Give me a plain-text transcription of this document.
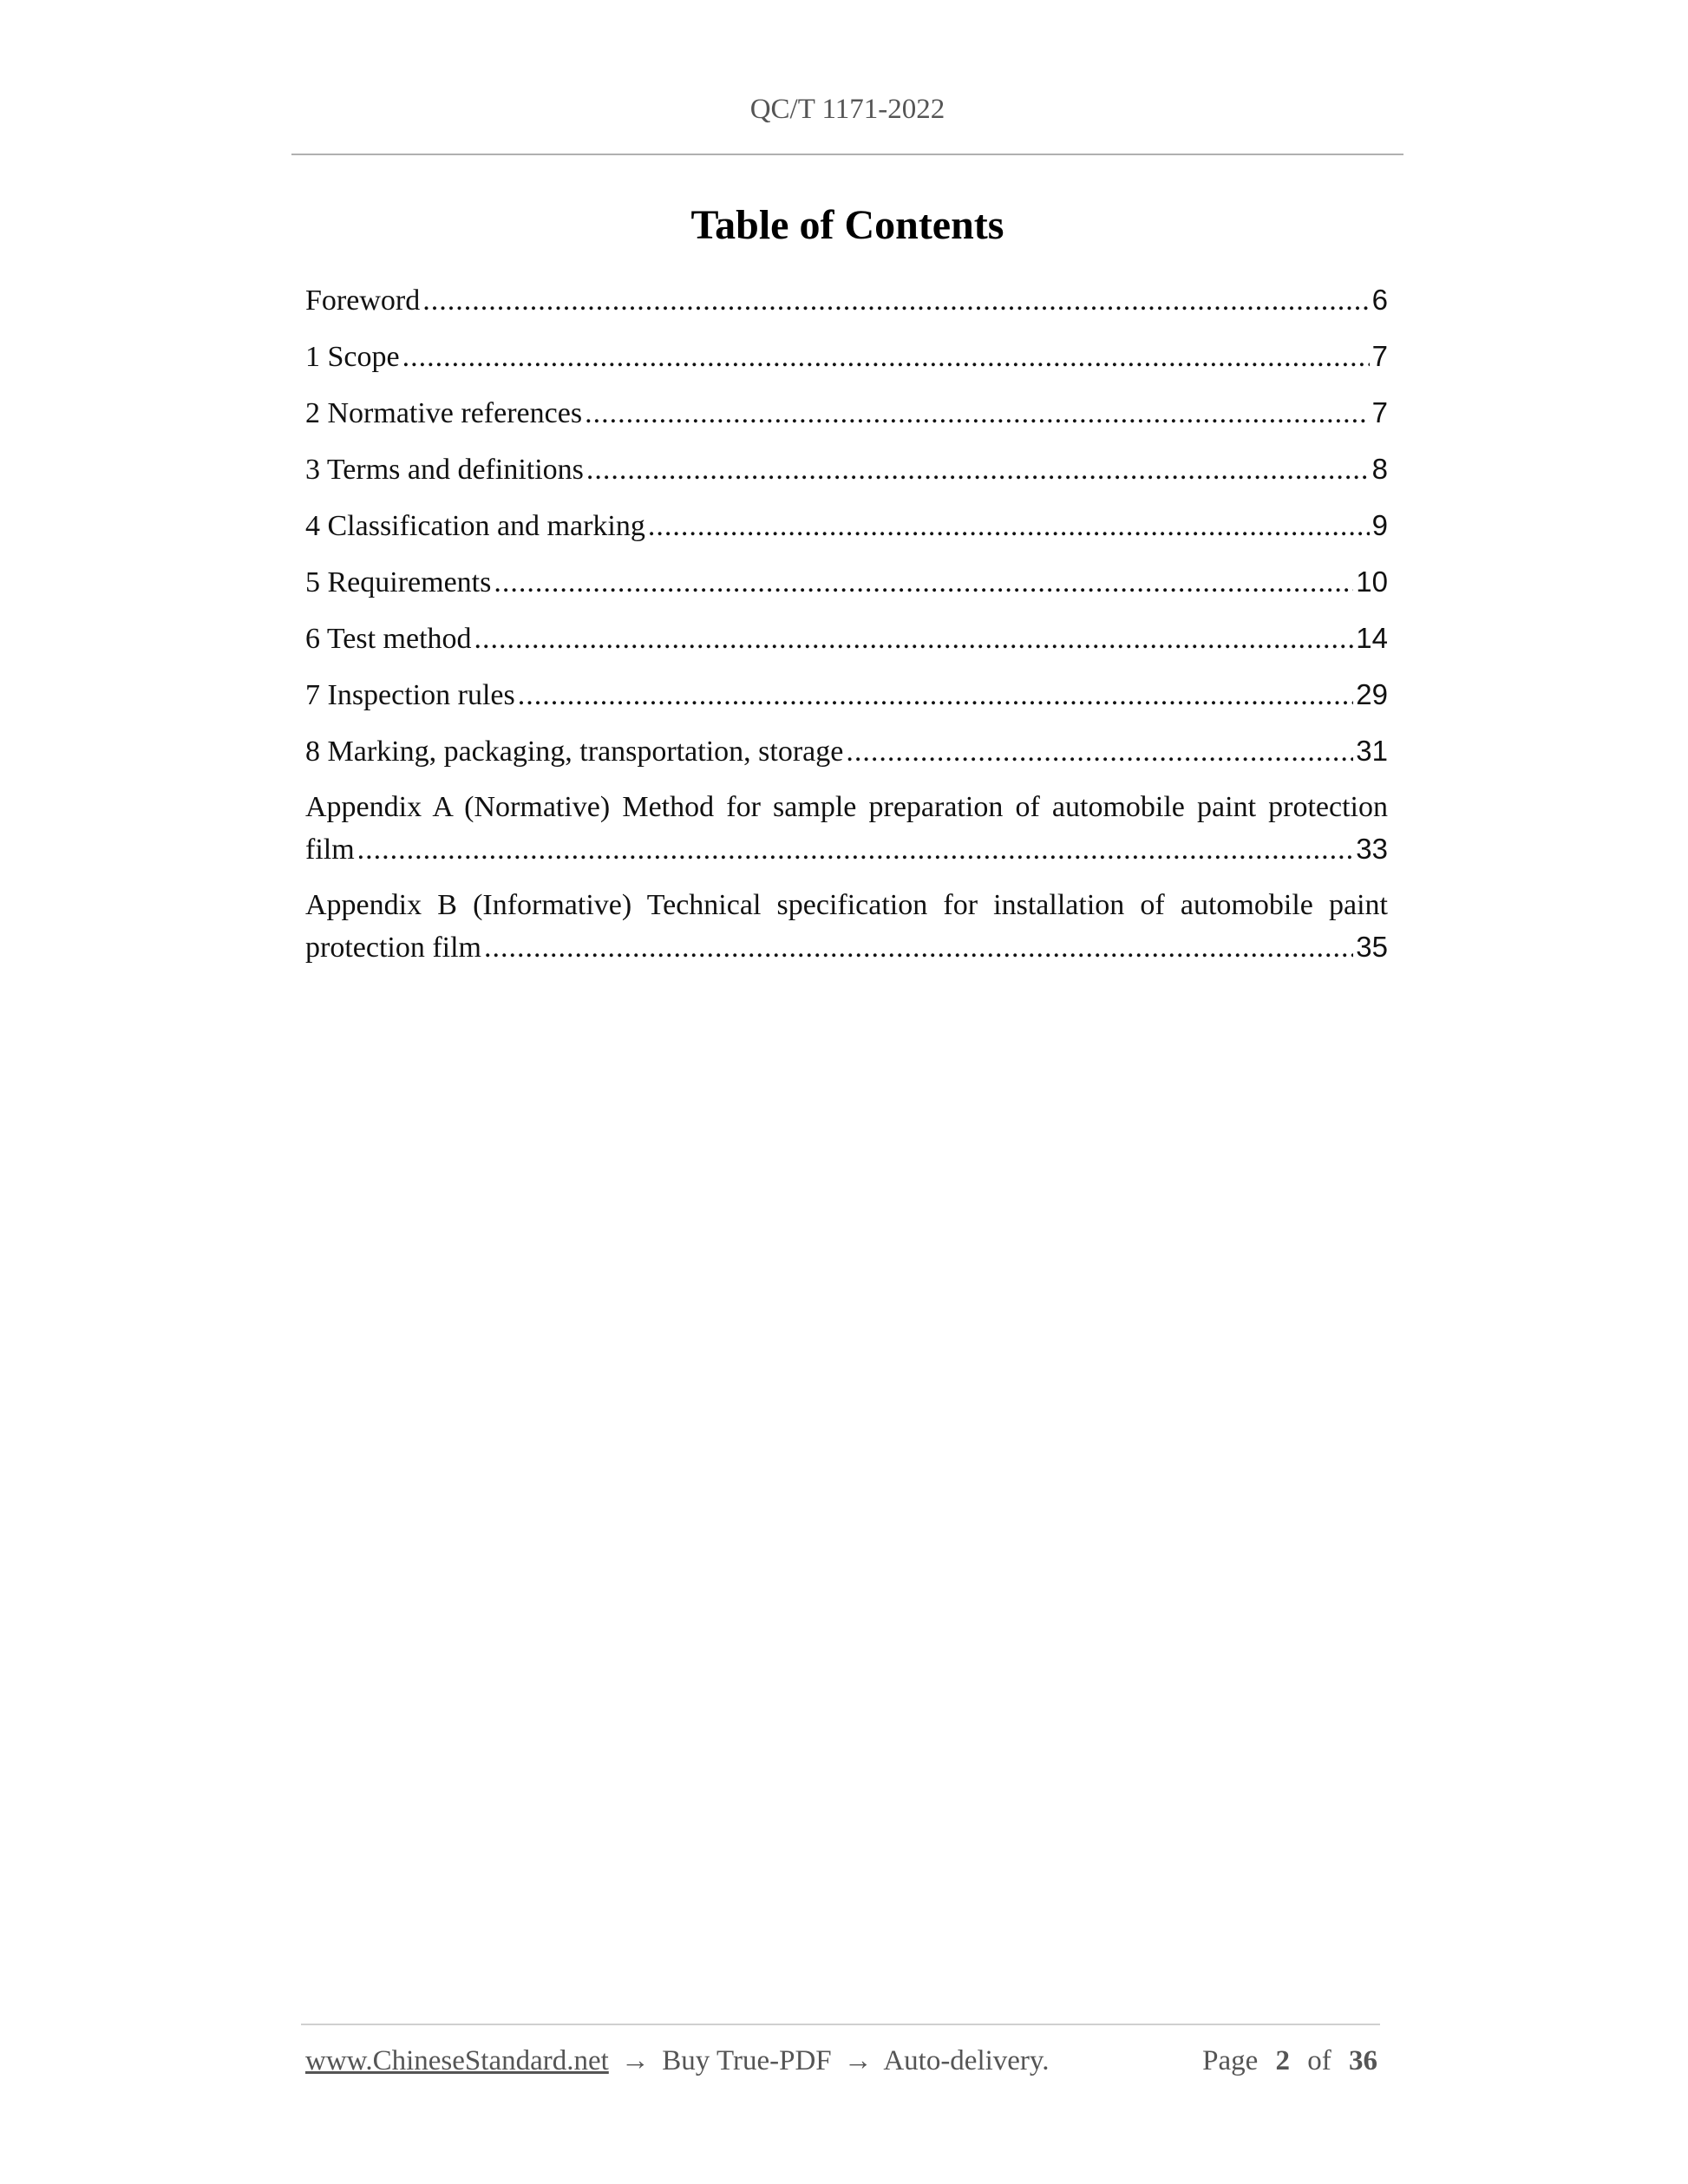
QC/T 1171-2022
Table of Contents
Foreword .....	6
1 Scope .....	7
2 Normative references .....	7
3 Terms and definitions .....	8
4 Classification and marking .....	9
5 Requirements .....	10
6 Test method .....	14
7 Inspection rules .....	29
8 Marking, packaging, transportation, storage .....	31
Appendix A (Normative) Method for sample preparation of automobile paint protection
film .....	33
Appendix B (Informative) Technical specification for installation of automobile paint
protection film .....	35
www.ChineseStandard.net → Buy True-PDF → Auto-delivery.	Page 2 of 36
